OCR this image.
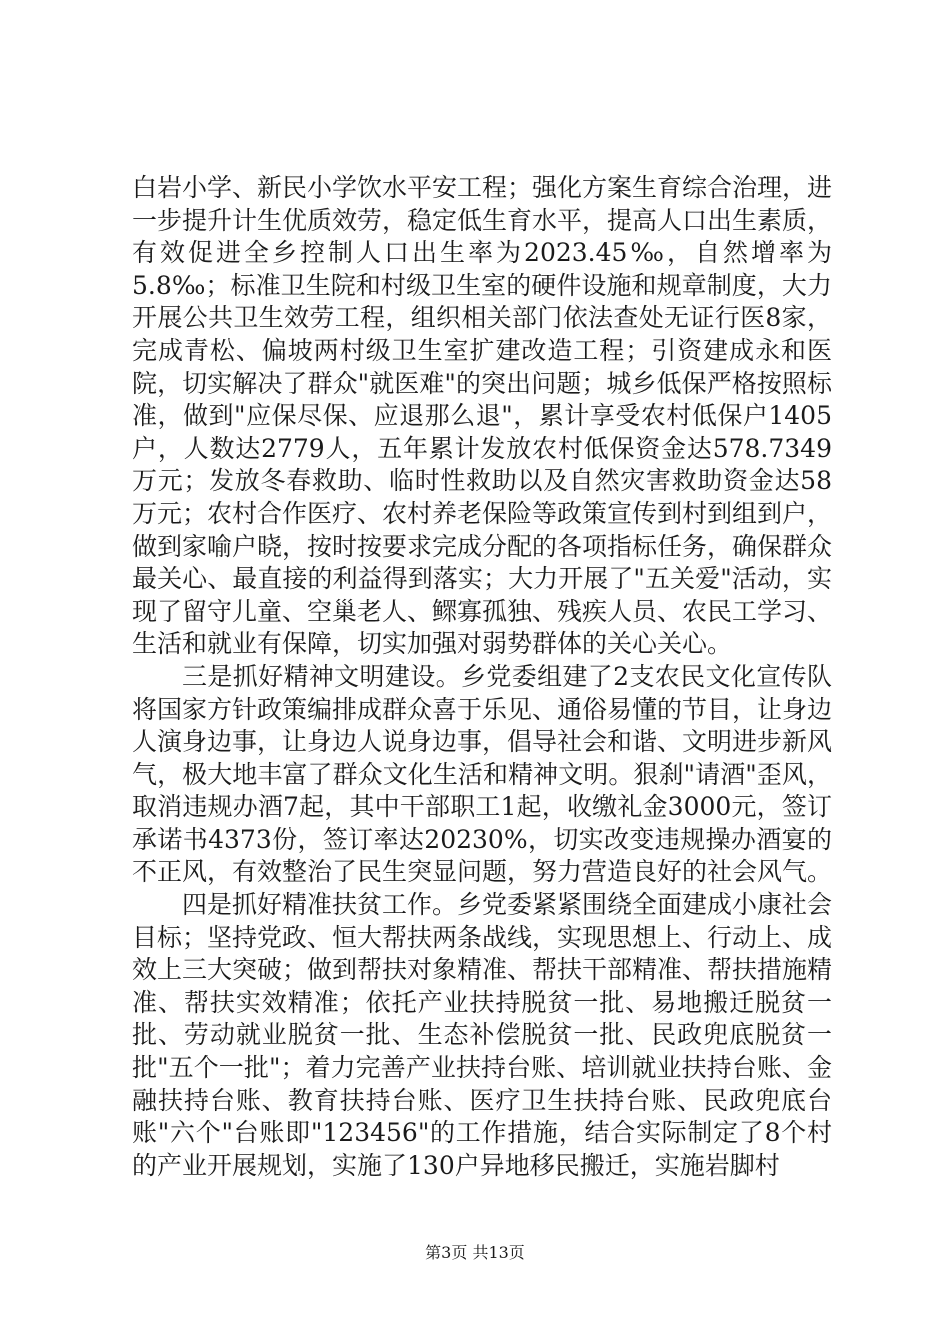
白岩小学、新民小学饮水平安工程；强化方案生育综合治理，进一步提升计生优质效劳，稳定低生育水平，提高人口出生素质，有效促进全乡控制人口出生率为2023.45‰，自然增率为5.8‰；标准卫生院和村级卫生室的硬件设施和规章制度，大力开展公共卫生效劳工程，组织相关部门依法查处无证行医8家，完成青松、偏坡两村级卫生室扩建改造工程；引资建成永和医院，切实解决了群众"就医难"的突出问题；城乡低保严格按照标准，做到"应保尽保、应退那么退"，累计享受农村低保户1405户，人数达2779人，五年累计发放农村低保资金达578.7349万元；发放冬春救助、临时性救助以及自然灾害救助资金达58万元；农村合作医疗、农村养老保险等政策宣传到村到组到户，做到家喻户晓，按时按要求完成分配的各项指标任务，确保群众最关心、最直接的利益得到落实；大力开展了"五关爱"活动，实现了留守儿童、空巢老人、鳏寡孤独、残疾人员、农民工学习、生活和就业有保障，切实加强对弱势群体的关心关心。

三是抓好精神文明建设。乡党委组建了2支农民文化宣传队将国家方针政策编排成群众喜于乐见、通俗易懂的节目，让身边人演身边事，让身边人说身边事，倡导社会和谐、文明进步新风气，极大地丰富了群众文化生活和精神文明。狠刹"请酒"歪风，取消违规办酒7起，其中干部职工1起，收缴礼金3000元，签订承诺书4373份，签订率达20230%，切实改变违规操办酒宴的不正风，有效整治了民生突显问题，努力营造良好的社会风气。

四是抓好精准扶贫工作。乡党委紧紧围绕全面建成小康社会目标；坚持党政、恒大帮扶两条战线，实现思想上、行动上、成效上三大突破；做到帮扶对象精准、帮扶干部精准、帮扶措施精准、帮扶实效精准；依托产业扶持脱贫一批、易地搬迁脱贫一批、劳动就业脱贫一批、生态补偿脱贫一批、民政兜底脱贫一批"五个一批"；着力完善产业扶持台账、培训就业扶持台账、金融扶持台账、教育扶持台账、医疗卫生扶持台账、民政兜底台账"六个"台账即"123456"的工作措施，结合实际制定了8个村的产业开展规划，实施了130户异地移民搬迁，实施岩脚村

第3页 共13页
